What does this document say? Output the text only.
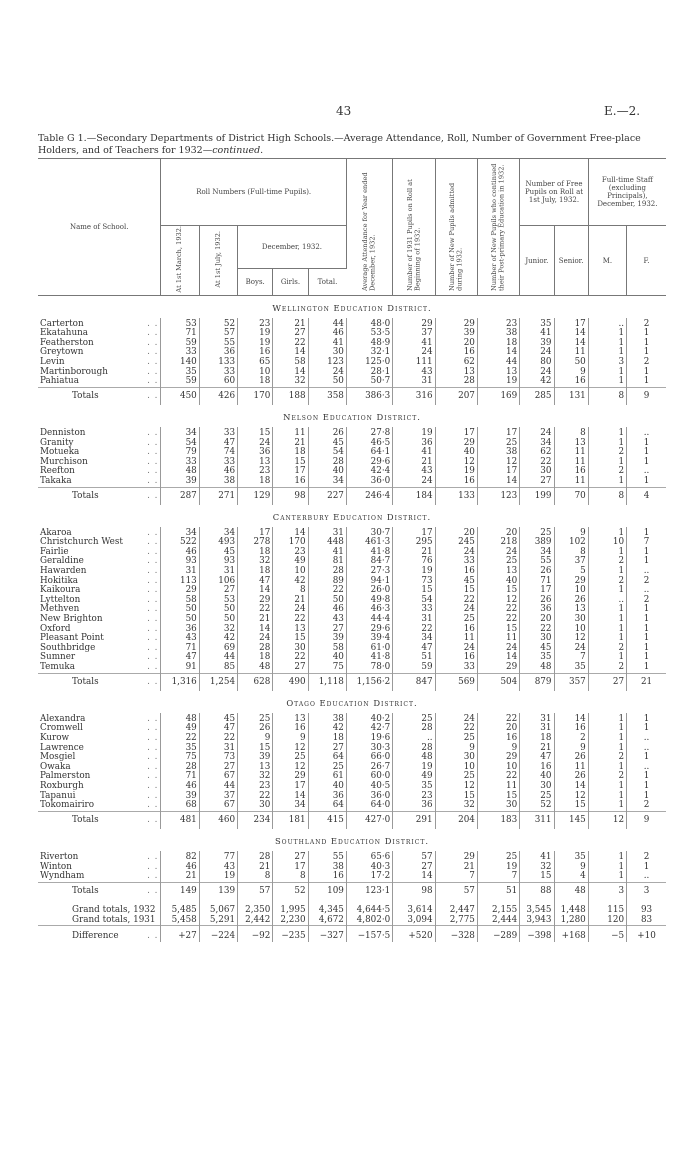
43	E.—2.
Table G 1.—Secondary Departments of District High Schools.—Average Attendance, Roll, Number of Government Free-place Holders, and of Teachers for 1932—continued.
Name of School.	Roll Numbers (Full-time Pupils).					Average Attendance for Year ended December, 1932.	Number of 1931 Pupils on Roll at Beginning of 1932.	Number of New Pupils admitted during 1932.	Number of New Pupils who continued their Post-primary Education in 1932.	Number of Free Pupils on Roll at 1st July, 1932.		Full-time Staff (excluding Principals), December, 1932.	
	At 1st March, 1932.	At 1st July, 1932.	December, 1932.							Junior.	Senior.	M.	F.
			Boys.	Girls.	Total.								
Wellington Education District.													
Carterton . .	53	52	23	21	44	48·0	29	29	23	35	17	..	2
Ekatahuna . .	71	57	19	27	46	53·5	37	39	38	41	14	1	1
Featherston . .	59	55	19	22	41	48·9	41	20	18	39	14	1	1
Greytown . .	33	36	16	14	30	32·1	24	16	14	24	11	1	1
Levin . .	140	133	65	58	123	125·0	111	62	44	80	50	3	2
Martinborough . .	35	33	10	14	24	28·1	43	13	13	24	9	1	1
Pahiatua . .	59	60	18	32	50	50·7	31	28	19	42	16	1	1
Totals . .	450	426	170	188	358	386·3	316	207	169	285	131	8	9
Nelson Education District.													
Denniston . .	34	33	15	11	26	27·8	19	17	17	24	8	1	..
Granity . .	54	47	24	21	45	46·5	36	29	25	34	13	1	1
Motueka . .	79	74	36	18	54	64·1	41	40	38	62	11	2	1
Murchison . .	33	33	13	15	28	29·6	21	12	12	22	11	1	1
Reefton . .	48	46	23	17	40	42·4	43	19	17	30	16	2	..
Takaka . .	39	38	18	16	34	36·0	24	16	14	27	11	1	1
Totals . .	287	271	129	98	227	246·4	184	133	123	199	70	8	4
Canterbury Education District.													
Akaroa . .	34	34	17	14	31	30·7	17	20	20	25	9	1	1
Christchurch West . .	522	493	278	170	448	461·3	295	245	218	389	102	10	7
Fairlie . .	46	45	18	23	41	41·8	21	24	24	34	8	1	1
Geraldine . .	93	93	32	49	81	84·7	76	33	25	55	37	2	1
Hawarden . .	31	31	18	10	28	27·3	19	16	13	26	5	1	..
Hokitika . .	113	106	47	42	89	94·1	73	45	40	71	29	2	2
Kaikoura . .	29	27	14	8	22	26·0	15	15	15	17	10	1	..
Lyttelton . .	58	53	29	21	50	49·8	54	22	12	26	26	..	2
Methven . .	50	50	22	24	46	46·3	33	24	22	36	13	1	1
New Brighton . .	50	50	21	22	43	44·4	31	25	22	20	30	1	1
Oxford . .	36	32	14	13	27	29·6	22	16	15	22	10	1	1
Pleasant Point . .	43	42	24	15	39	39·4	34	11	11	30	12	1	1
Southbridge . .	71	69	28	30	58	61·0	47	24	24	45	24	2	1
Sumner . .	47	44	18	22	40	41·8	51	16	14	35	7	1	1
Temuka . .	91	85	48	27	75	78·0	59	33	29	48	35	2	1
Totals . .	1,316	1,254	628	490	1,118	1,156·2	847	569	504	879	357	27	21
Otago Education District.													
Alexandra . .	48	45	25	13	38	40·2	25	24	22	31	14	1	1
Cromwell . .	49	47	26	16	42	42·7	28	22	20	31	16	1	1
Kurow . .	22	22	9	9	18	19·6	..	25	16	18	2	1	..
Lawrence . .	35	31	15	12	27	30·3	28	9	9	21	9	1	..
Mosgiel . .	75	73	39	25	64	66·0	48	30	29	47	26	2	1
Owaka . .	28	27	13	12	25	26·7	19	10	10	16	11	1	..
Palmerston . .	71	67	32	29	61	60·0	49	25	22	40	26	2	1
Roxburgh . .	46	44	23	17	40	40·5	35	12	11	30	14	1	1
Tapanui . .	39	37	22	14	36	36·0	23	15	15	25	12	1	1
Tokomairiro . .	68	67	30	34	64	64·0	36	32	30	52	15	1	2
Totals . .	481	460	234	181	415	427·0	291	204	183	311	145	12	9
Southland Education District.													
Riverton . .	82	77	28	27	55	65·6	57	29	25	41	35	1	2
Winton . .	46	43	21	17	38	40·3	27	21	19	32	9	1	1
Wyndham . .	21	19	8	8	16	17·2	14	7	7	15	4	1	..
Totals . .	149	139	57	52	109	123·1	98	57	51	88	48	3	3
Grand totals, 1932	5,485	5,067	2,350	1,995	4,345	4,644·5	3,614	2,447	2,155	3,545	1,448	115	93
Grand totals, 1931	5,458	5,291	2,442	2,230	4,672	4,802·0	3,094	2,775	2,444	3,943	1,280	120	83
Difference . .	+27	−224	−92	−235	−327	−157·5	+520	−328	−289	−398	+168	−5	+10
